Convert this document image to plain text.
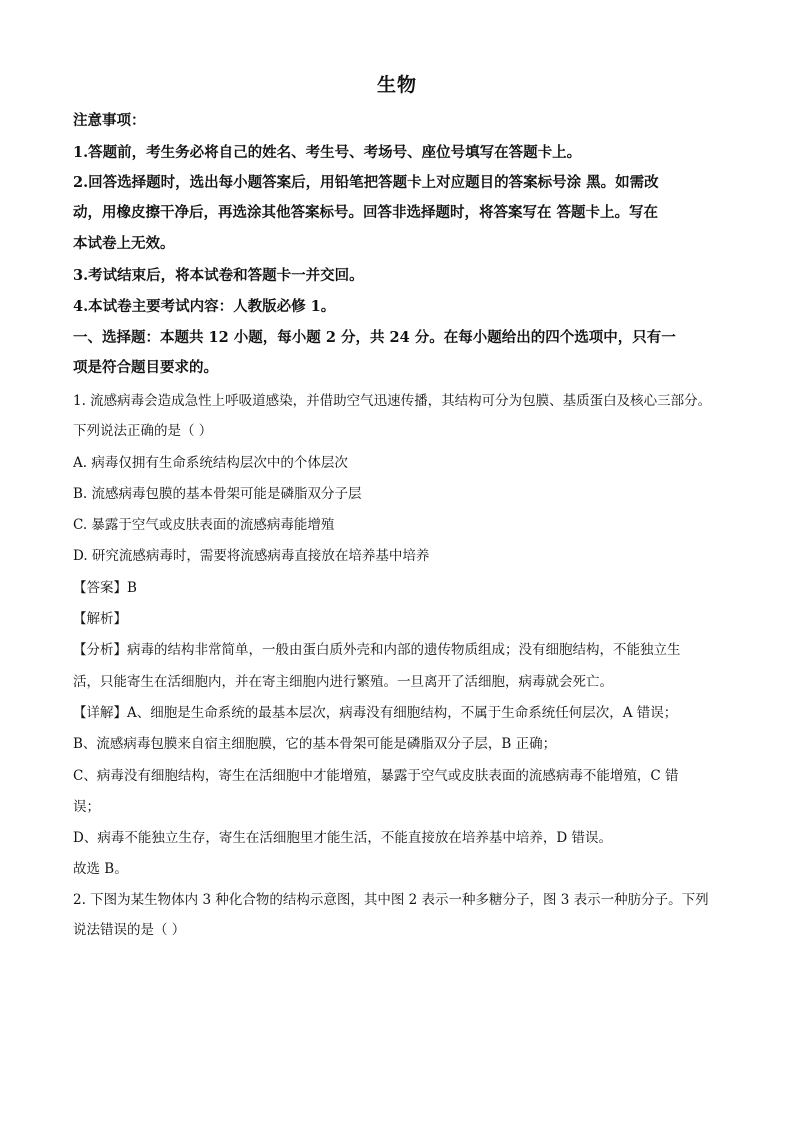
生物
注意事项：
1.答题前，考生务必将自己的姓名、考生号、考场号、座位号填写在答题卡上。
2.回答选择题时，选出每小题答案后，用铅笔把答题卡上对应题目的答案标号涂 黑。如需改
动，用橡皮擦干净后，再选涂其他答案标号。回答非选择题时，将答案写在 答题卡上。写在
本试卷上无效。
3.考试结束后，将本试卷和答题卡一并交回。
4.本试卷主要考试内容：人教版必修 1。
一、选择题：本题共 12 小题，每小题 2 分，共 24 分。在每小题给出的四个选项中，只有一
项是符合题目要求的。
1. 流感病毒会造成急性上呼吸道感染，并借助空气迅速传播，其结构可分为包膜、基质蛋白及核心三部分。
下列说法正确的是（ ）
A. 病毒仅拥有生命系统结构层次中的个体层次
B. 流感病毒包膜的基本骨架可能是磷脂双分子层
C. 暴露于空气或皮肤表面的流感病毒能增殖
D. 研究流感病毒时，需要将流感病毒直接放在培养基中培养
【答案】B
【解析】
【分析】病毒的结构非常简单，一般由蛋白质外壳和内部的遗传物质组成；没有细胞结构，不能独立生
活，只能寄生在活细胞内，并在寄主细胞内进行繁殖。一旦离开了活细胞，病毒就会死亡。
【详解】A、细胞是生命系统的最基本层次，病毒没有细胞结构，不属于生命系统任何层次，A 错误；
B、流感病毒包膜来自宿主细胞膜，它的基本骨架可能是磷脂双分子层，B 正确；
C、病毒没有细胞结构，寄生在活细胞中才能增殖，暴露于空气或皮肤表面的流感病毒不能增殖，C 错
误；
D、病毒不能独立生存，寄生在活细胞里才能生活，不能直接放在培养基中培养，D 错误。
故选 B。
2. 下图为某生物体内 3 种化合物的结构示意图，其中图 2 表示一种多糖分子，图 3 表示一种肪分子。下列
说法错误的是（ ）
